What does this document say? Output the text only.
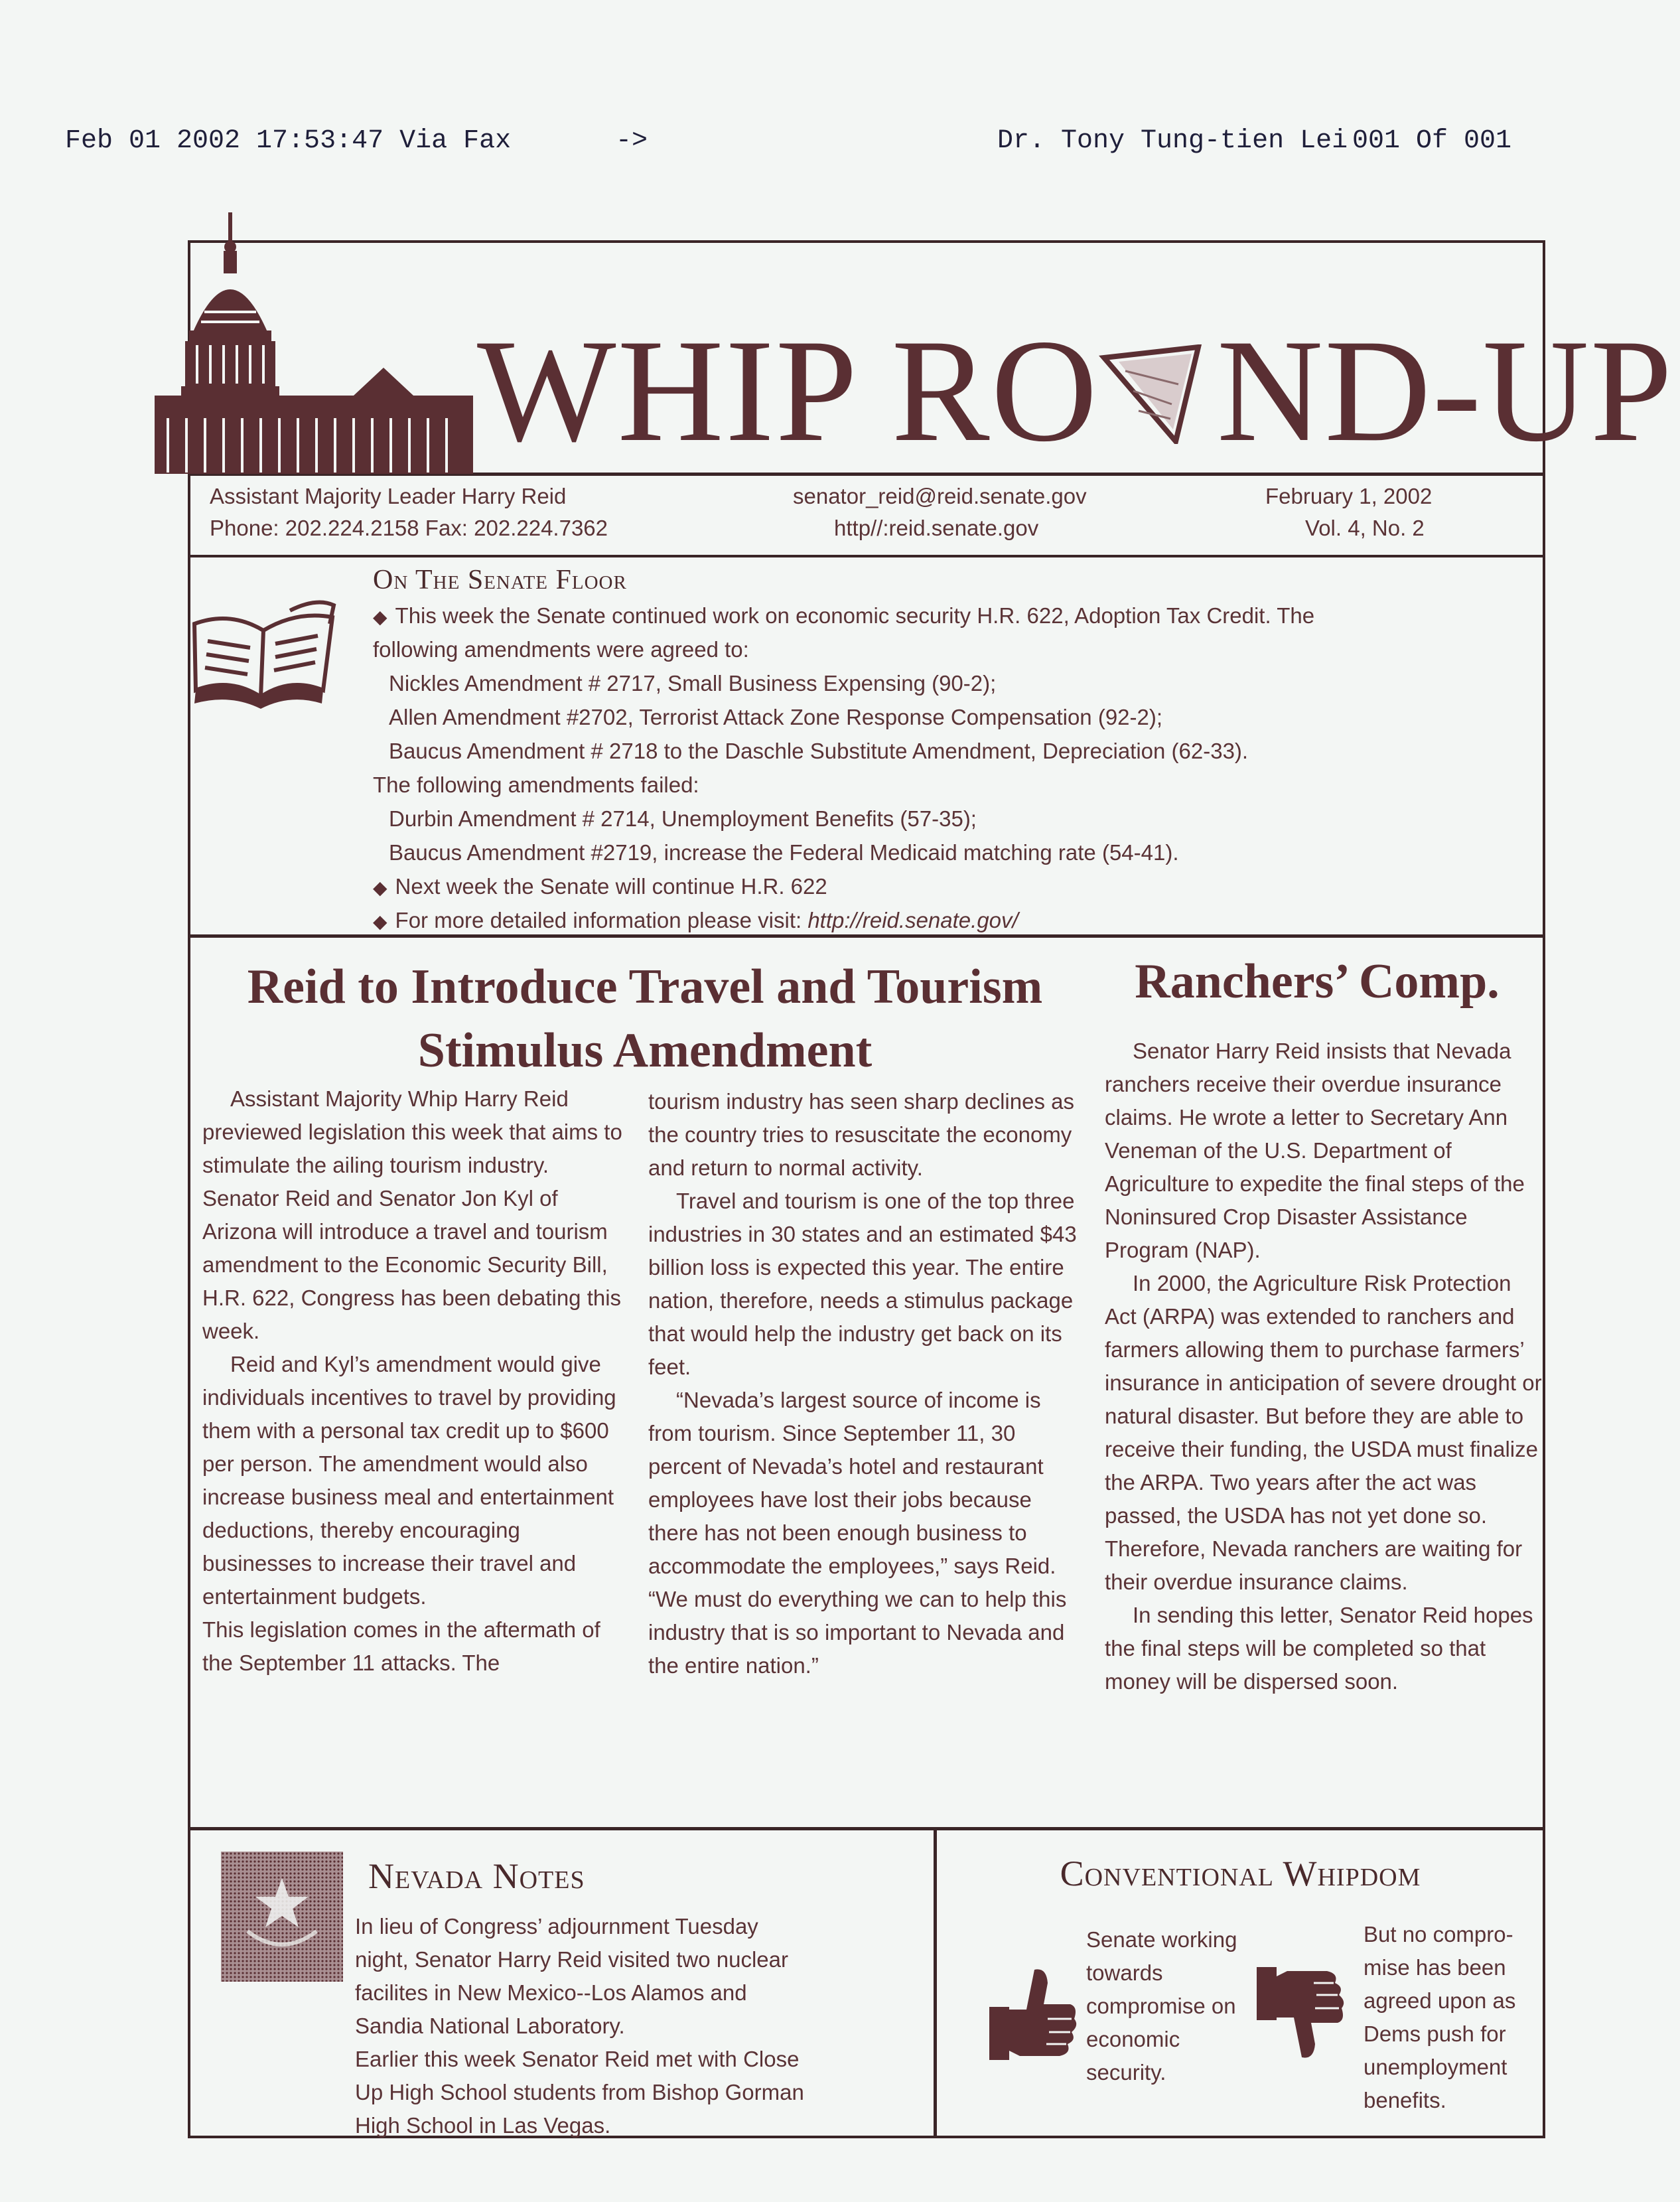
Feb 01 2002 17:53:47 Via Fax

	->

	Dr. Tony Tung-tien Lei

001 Of 001

WHIP RO ND-UP
Assistant Majority Leader Harry Reid
Phone: 202.224.2158 Fax: 202.224.7362
senator_reid@reid.senate.gov
http//:reid.senate.gov
February 1, 2002
Vol. 4, No. 2
On The Senate Floor
◆ This week the Senate continued work on economic security H.R. 622, Adoption Tax Credit. The
following amendments were agreed to:
Nickles Amendment # 2717, Small Business Expensing (90-2);
Allen Amendment #2702, Terrorist Attack Zone Response Compensation (92-2);
Baucus Amendment # 2718 to the Daschle Substitute Amendment, Depreciation (62-33).
The following amendments failed:
Durbin Amendment # 2714, Unemployment Benefits (57-35);
Baucus Amendment #2719, increase the Federal Medicaid matching rate (54-41).
◆ Next week the Senate will continue H.R. 622
◆ For more detailed information please visit: http://reid.senate.gov/
Reid to Introduce Travel and Tourism
Stimulus Amendment

Assistant Majority Whip Harry Reid previewed legislation this week that aims to stimulate the ailing tourism industry. Senator Reid and Senator Jon Kyl of Arizona will introduce a travel and tourism amendment to the Economic Security Bill, H.R. 622, Congress has been debating this week.

Reid and Kyl’s amendment would give individuals incentives to travel by providing them with a personal tax credit up to $600 per person. The amendment would also increase business meal and entertainment deductions, thereby encouraging businesses to increase their travel and entertainment budgets.

This legislation comes in the aftermath of the September 11 attacks. The

tourism industry has seen sharp declines as the country tries to resuscitate the economy and return to normal activity.

Travel and tourism is one of the top three industries in 30 states and an estimated $43 billion loss is expected this year. The entire nation, therefore, needs a stimulus package that would help the industry get back on its feet.

“Nevada’s largest source of income is from tourism. Since September 11, 30 percent of Nevada’s hotel and restaurant employees have lost their jobs because there has not been enough business to accommodate the employees,” says Reid. “We must do everything we can to help this industry that is so important to Nevada and the entire nation.”

Ranchers’ Comp.

Senator Harry Reid insists that Nevada ranchers receive their overdue insurance claims. He wrote a letter to Secretary Ann Veneman of the U.S. Department of Agriculture to expedite the final steps of the Noninsured Crop Disaster Assistance Program (NAP).

In 2000, the Agriculture Risk Protection Act (ARPA) was extended to ranchers and farmers allowing them to purchase farmers’ insurance in anticipation of severe drought or natural disaster. But before they are able to receive their funding, the USDA must finalize the ARPA. Two years after the act was passed, the USDA has not yet done so. Therefore, Nevada ranchers are waiting for their overdue insurance claims.

In sending this letter, Senator Reid hopes the final steps will be completed so that money will be dispersed soon.

Nevada Notes
In lieu of Congress’ adjournment Tuesday
night, Senator Harry Reid visited two nuclear
facilites in New Mexico--Los Alamos and
Sandia National Laboratory.
Earlier this week Senator Reid met with Close
Up High School students from Bishop Gorman
High School in Las Vegas.
Conventional Whipdom
Senate working
towards
compromise on
economic
security.
But no compro-
mise has been
agreed upon as
Dems push for
unemployment
benefits.
